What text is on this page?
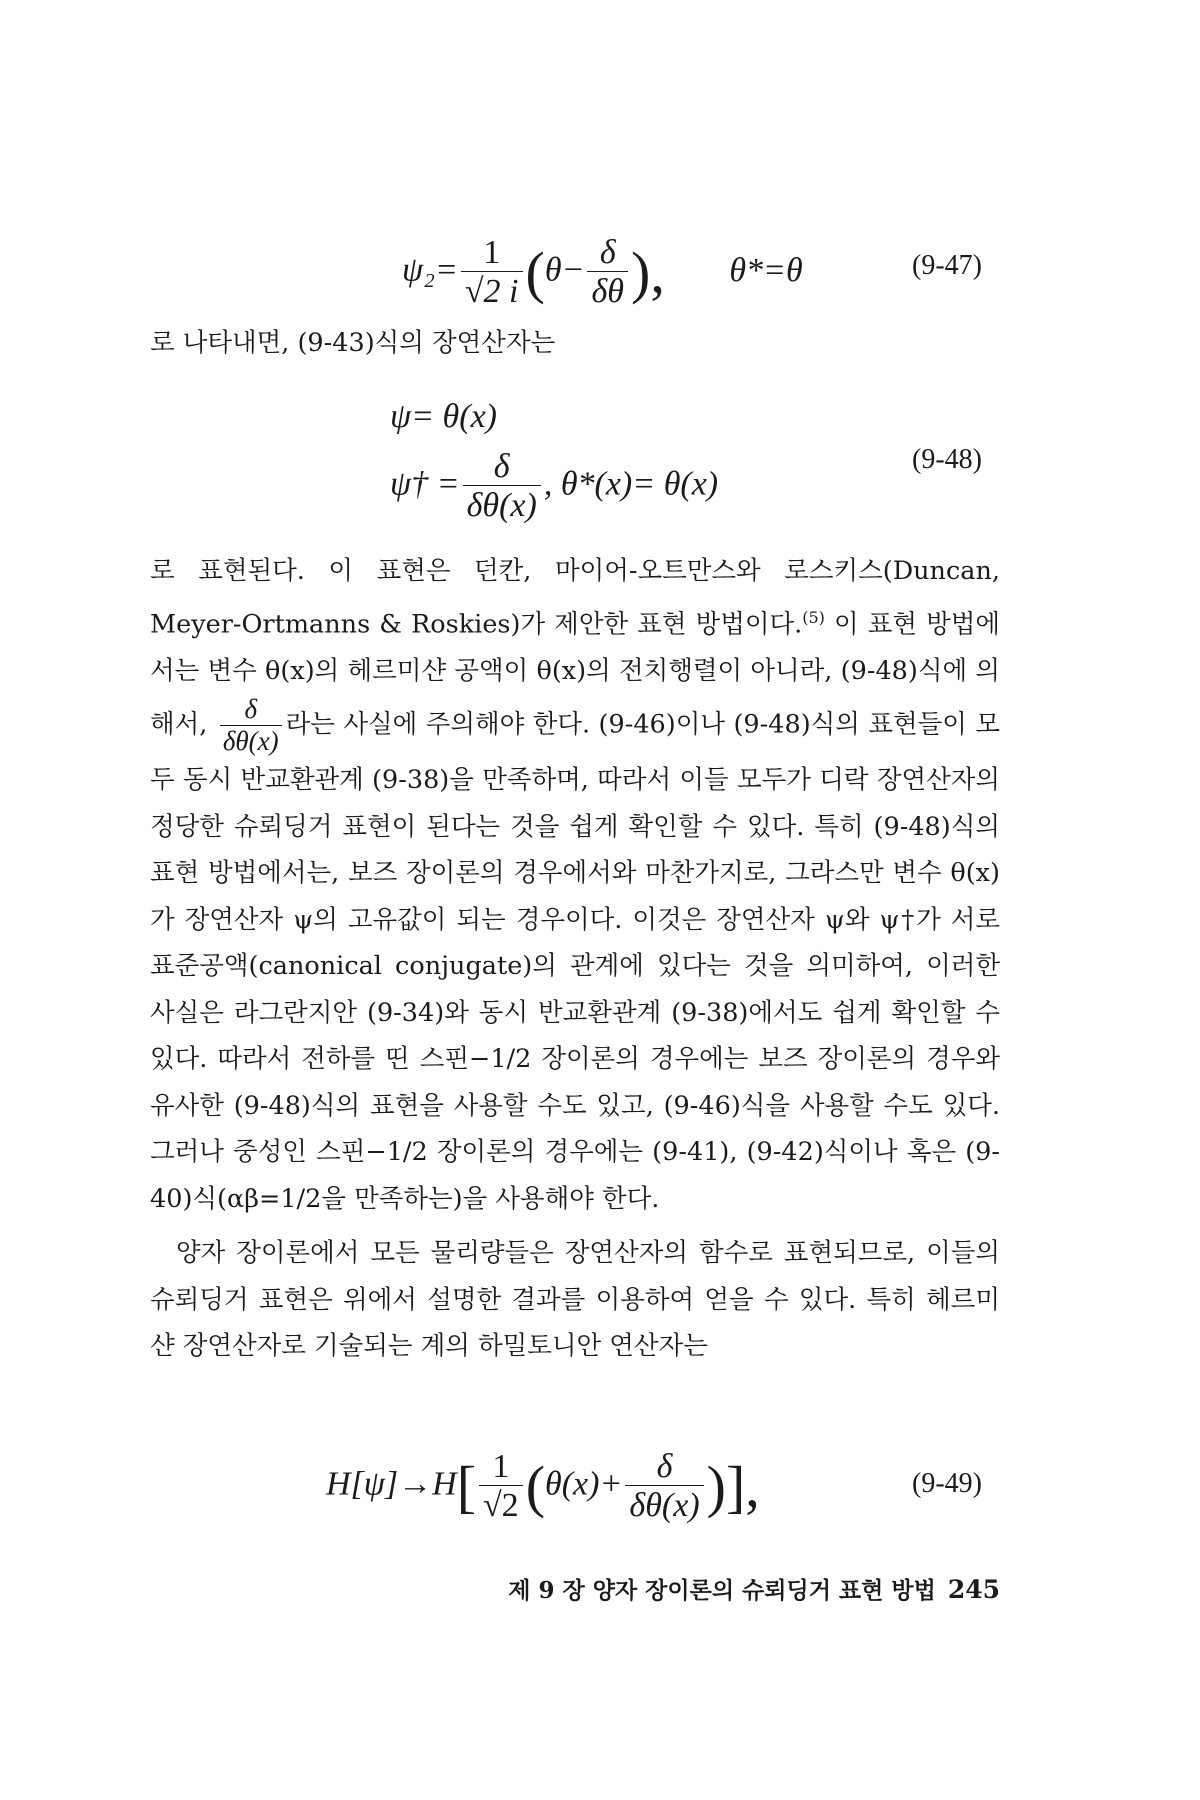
$\psi_2= \frac{1}{√2 i} (\theta- \frac{\delta}{\delta\theta}$ ), θ*=θ	(9-47)

로 나타내면, (9-43)식의 장연산자는

ψ= θ(x)
ψ† = $\frac{\delta}{\delta\theta(x)}$ , θ*(x)= θ(x)
(9-48)

로 표현된다. 이 표현은 던칸, 마이어-오트만스와 로스키스(Duncan, Meyer-Ortmanns & Roskies)가 제안한 표현 방법이다.$^{(5)}$ 이 표현 방법에서는 변수 θ(x)의 헤르미샨 공액이 θ(x)의 전치행렬이 아니라, (9-48)식에 의해서, $\frac{\delta}{\delta\theta(x)}$ 라는 사실에 주의해야 한다. (9-46)이나 (9-48)식의 표현들이 모두 동시 반교환관계 (9-38)을 만족하며, 따라서 이들 모두가 디락 장연산자의 정당한 슈뢰딩거 표현이 된다는 것을 쉽게 확인할 수 있다. 특히 (9-48)식의 표현 방법에서는, 보즈 장이론의 경우에서와 마찬가지로, 그라스만 변수 θ(x)가 장연산자 ψ의 고유값이 되는 경우이다. 이것은 장연산자 ψ와 ψ†가 서로 표준공액(canonical conjugate)의 관계에 있다는 것을 의미하여, 이러한 사실은 라그란지안 (9-34)와 동시 반교환관계 (9-38)에서도 쉽게 확인할 수 있다. 따라서 전하를 띤 스핀−1/2 장이론의 경우에는 보즈 장이론의 경우와 유사한 (9-48)식의 표현을 사용할 수도 있고, (9-46)식을 사용할 수도 있다. 그러나 중성인 스핀−1/2 장이론의 경우에는 (9-41), (9-42)식이나 혹은 (9-40)식(αβ=1/2을 만족하는)을 사용해야 한다.

양자 장이론에서 모든 물리량들은 장연산자의 함수로 표현되므로, 이들의 슈뢰딩거 표현은 위에서 설명한 결과를 이용하여 얻을 수 있다. 특히 헤르미샨 장연산자로 기술되는 계의 하밀토니안 연산자는

$H[\psi]\to H[ \frac{1}{√2} (\theta(x)+ \frac{\delta}{\delta\theta(x)}$ )],	(9-49)
제 9 장 양자 장이론의 슈뢰딩거 표현 방법 245
